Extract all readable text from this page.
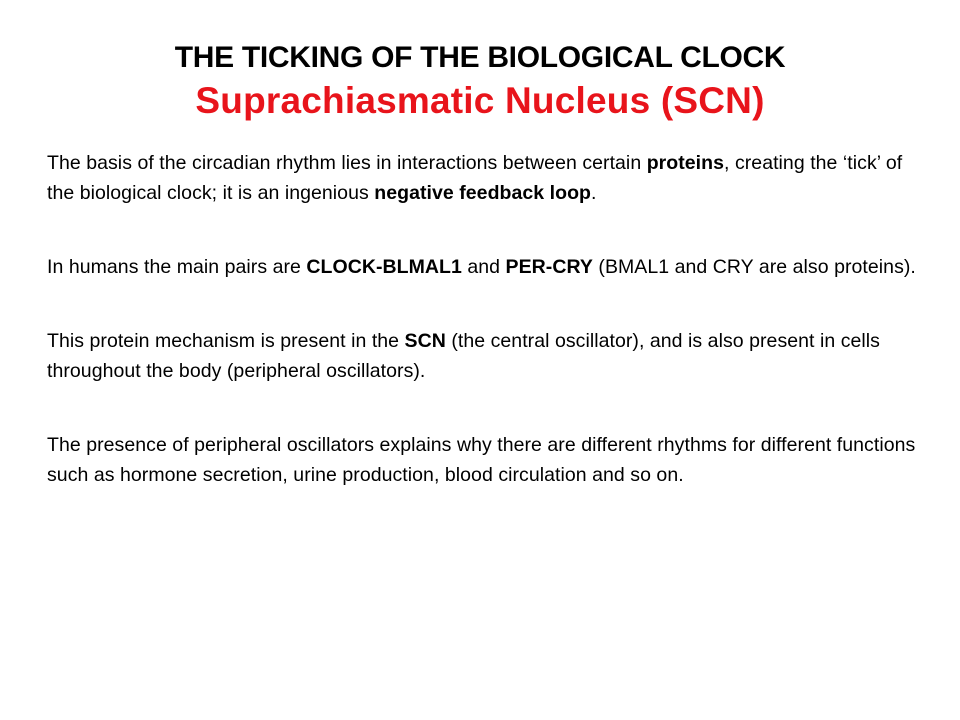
THE TICKING OF THE BIOLOGICAL CLOCK
Suprachiasmatic Nucleus (SCN)

The basis of the circadian rhythm lies in interactions between certain proteins, creating the ‘tick’ of the biological clock; it is an ingenious negative feedback loop.

In humans the main pairs are CLOCK-BLMAL1 and PER-CRY (BMAL1 and CRY are also proteins).

This protein mechanism is present in the SCN (the central oscillator), and is also present in cells throughout the body (peripheral oscillators).

The presence of peripheral oscillators explains why there are different rhythms for different functions such as hormone secretion, urine production, blood circulation and so on.
